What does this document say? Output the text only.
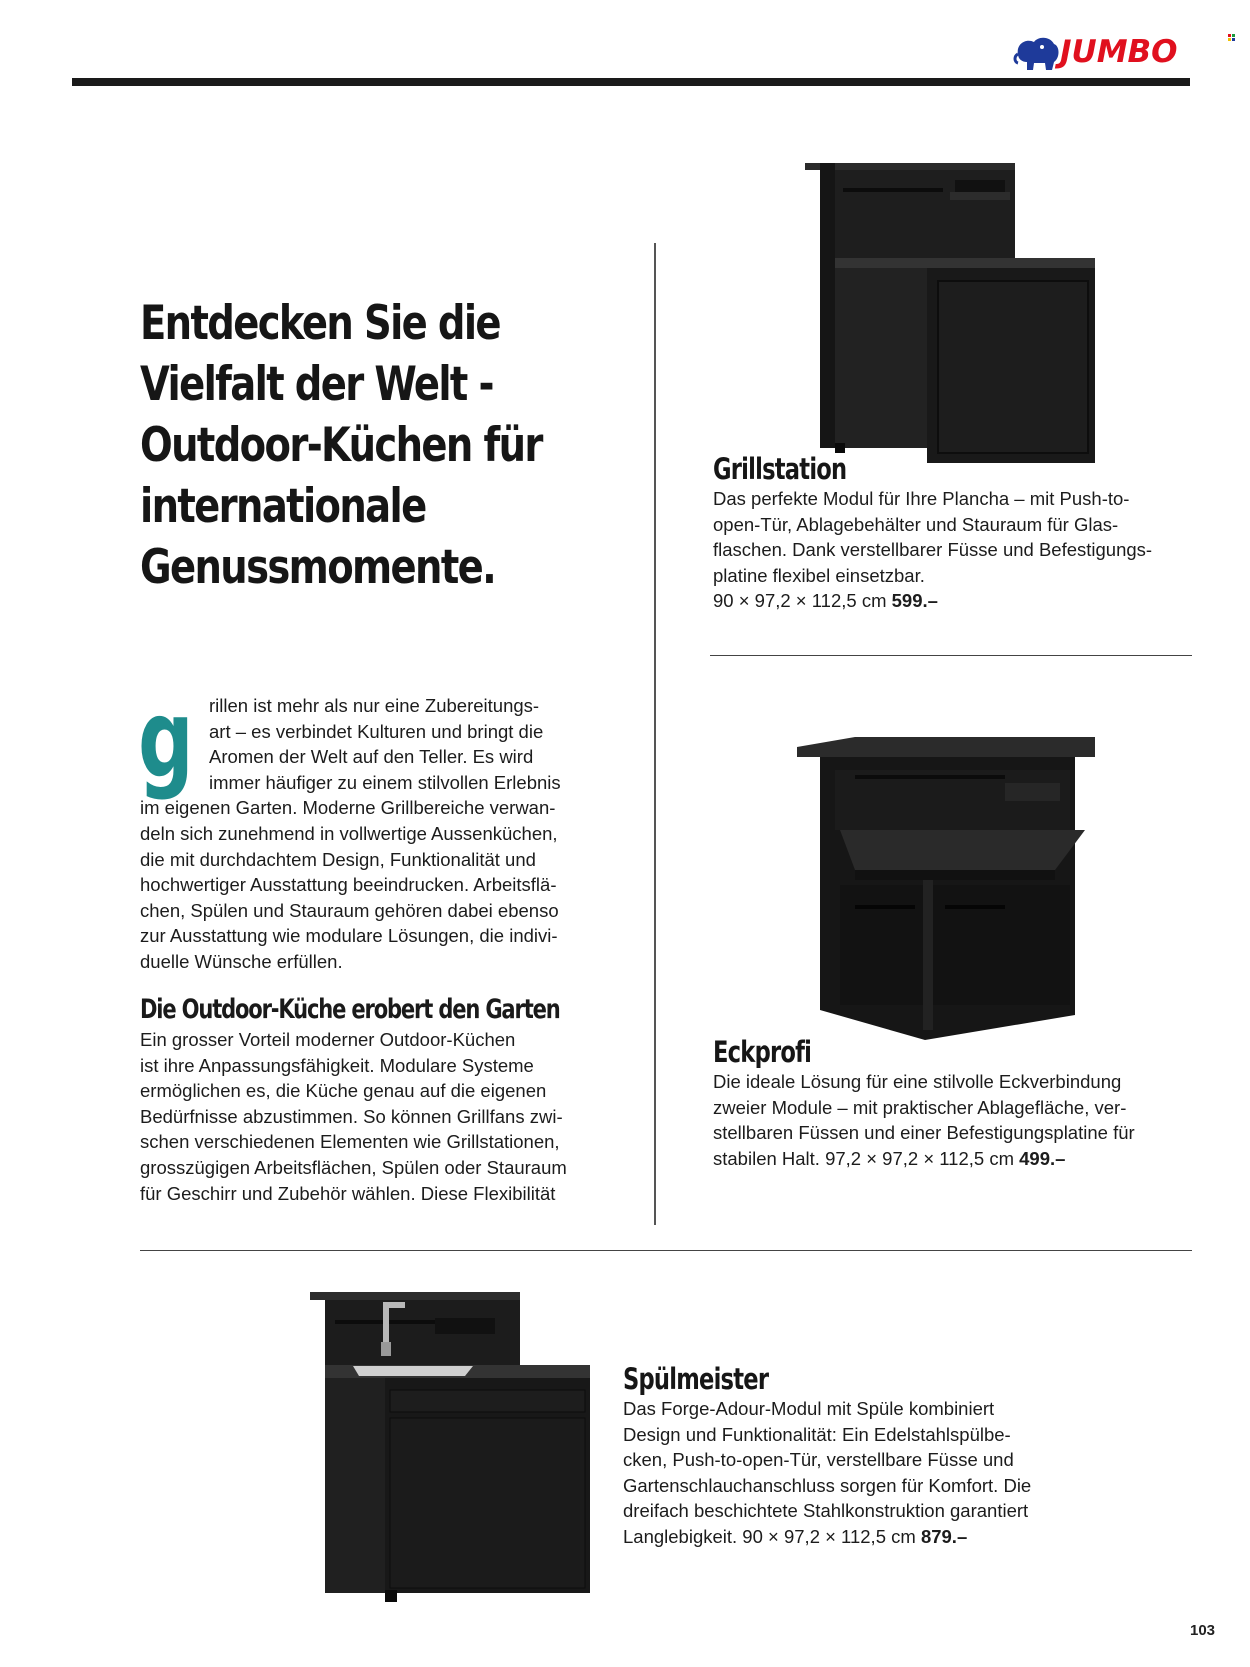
JUMBO
Entdecken Sie die
Vielfalt der Welt -
Outdoor-Küchen für
internationale
Genussmomente.
g rillen ist mehr als nur eine Zubereitungs-
art – es verbindet Kulturen und bringt die
Aromen der Welt auf den Teller. Es wird
immer häufiger zu einem stilvollen Erlebnis
im eigenen Garten. Moderne Grillbereiche verwan-
deln sich zunehmend in vollwertige Aussenküchen,
die mit durchdachtem Design, Funktionalität und
hochwertiger Ausstattung beeindrucken. Arbeitsflä-
chen, Spülen und Stauraum gehören dabei ebenso
zur Ausstattung wie modulare Lösungen, die indivi-
duelle Wünsche erfüllen.
Die Outdoor-Küche erobert den Garten
Ein grosser Vorteil moderner Outdoor-Küchen
ist ihre Anpassungsfähigkeit. Modulare Systeme
ermöglichen es, die Küche genau auf die eigenen
Bedürfnisse abzustimmen. So können Grillfans zwi-
schen verschiedenen Elementen wie Grillstationen,
grosszügigen Arbeitsflächen, Spülen oder Stauraum
für Geschirr und Zubehör wählen. Diese Flexibilität
Grillstation
Das perfekte Modul für Ihre Plancha – mit Push-to-
open-Tür, Ablagebehälter und Stauraum für Glas-
flaschen. Dank verstellbarer Füsse und Befestigungs-
platine flexibel einsetzbar.
90 × 97,2 × 112,5 cm 599.–
Eckprofi
Die ideale Lösung für eine stilvolle Eckverbindung
zweier Module – mit praktischer Ablagefläche, ver-
stellbaren Füssen und einer Befestigungsplatine für
stabilen Halt. 97,2 × 97,2 × 112,5 cm 499.–
Spülmeister
Das Forge-Adour-Modul mit Spüle kombiniert
Design und Funktionalität: Ein Edelstahlspülbe-
cken, Push-to-open-Tür, verstellbare Füsse und
Gartenschlauchanschluss sorgen für Komfort. Die
dreifach beschichtete Stahlkonstruktion garantiert
Langlebigkeit. 90 × 97,2 × 112,5 cm 879.–
103
